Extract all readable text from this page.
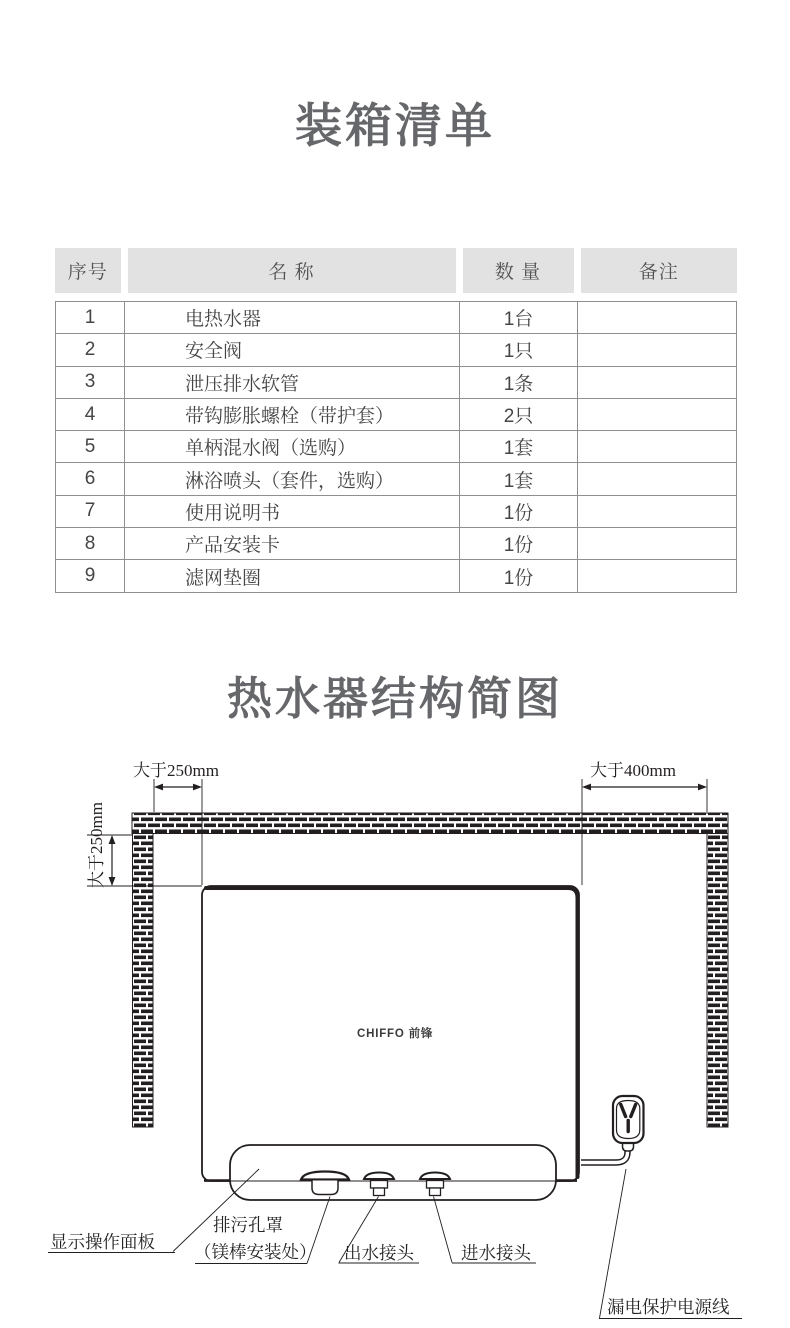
装箱清单
序号	名 称	数 量	备注
1	电热水器	1台
2	安全阀	1只
3	泄压排水软管	1条
4	带钩膨胀螺栓（带护套）	2只
5	单柄混水阀（选购）	1套
6	淋浴喷头（套件，选购）	1套
7	使用说明书	1份
8	产品安装卡	1份
9	滤网垫圈	1份
热水器结构简图
大于250mm	大于400mm
大于250mm
CHIFFO 前锋
显示操作面板
排污孔罩
（镁棒安装处） 出水接头	进水接头
漏电保护电源线
